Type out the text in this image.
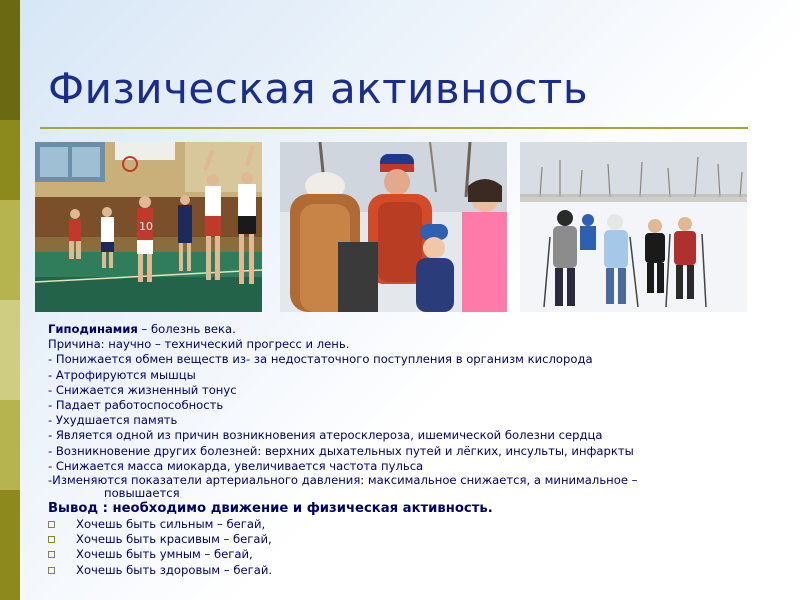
Физическая активность
10

Гиподинамия – болезнь века.

Причина: научно – технический прогресс и лень.

- Понижается обмен веществ из- за недостаточного поступления в организм кислорода

- Атрофируются мышцы

- Снижается жизненный тонус

- Падает работоспособность

- Ухудшается память

- Является одной из причин возникновения атеросклероза, ишемической болезни сердца

- Возникновение других болезней: верхних дыхательных путей и лёгких, инсульты, инфаркты

- Снижается масса миокарда, увеличивается частота пульса

-Изменяются показатели артериального давления: максимальное снижается, а минимальное –

повышается

Вывод : необходимо движение и физическая активность.

Хочешь быть сильным – бегай,
Хочешь быть красивым – бегай,
Хочешь быть умным – бегай,
Хочешь быть здоровым – бегай.
